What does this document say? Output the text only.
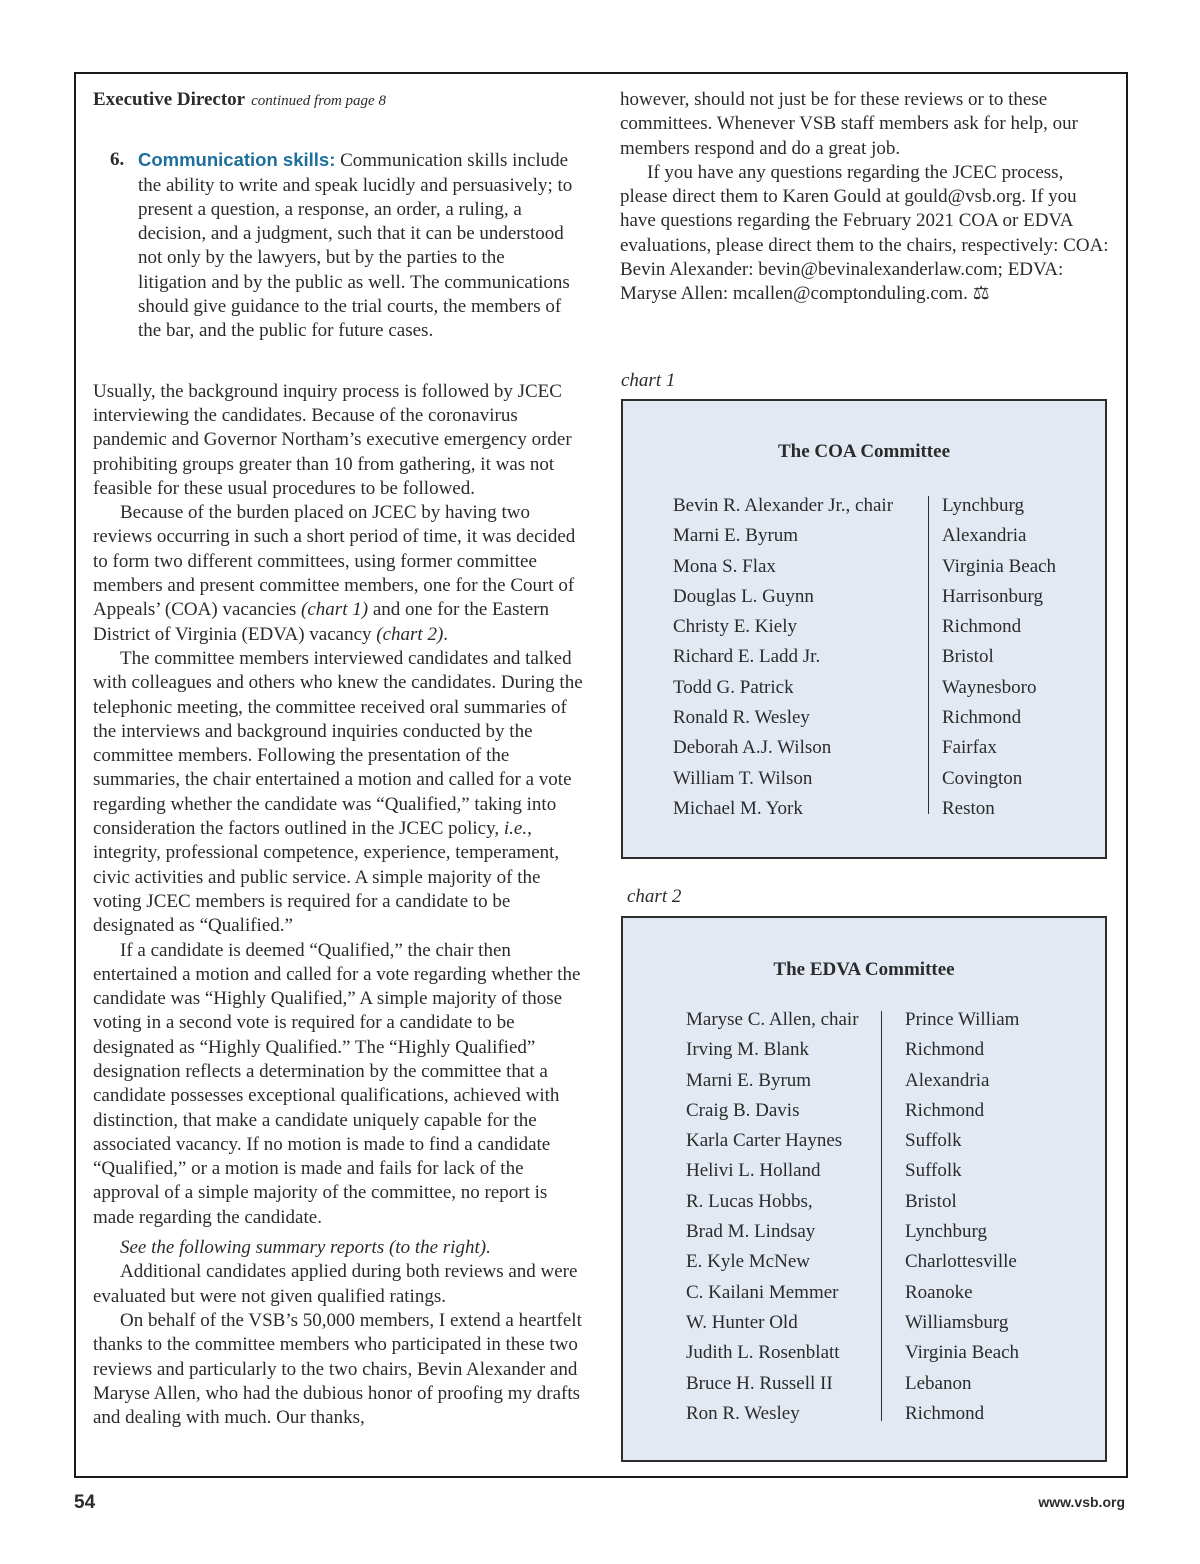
Executive Director continued from page 8
6. Communication skills: Communication skills include the ability to write and speak lucidly and persuasively; to present a question, a response, an order, a ruling, a decision, and a judgment, such that it can be understood not only by the lawyers, but by the parties to the litigation and by the public as well. The communications should give guidance to the trial courts, the members of the bar, and the public for future cases.

Usually, the background inquiry process is followed by JCEC interviewing the candidates. Because of the coronavirus pandemic and Governor Northam’s executive emergency order prohibiting groups greater than 10 from gathering, it was not feasible for these usual procedures to be followed.

Because of the burden placed on JCEC by having two reviews occurring in such a short period of time, it was decided to form two different committees, using former committee members and present committee members, one for the Court of Appeals’ (COA) vacancies (chart 1) and one for the Eastern District of Virginia (EDVA) vacancy (chart 2).

The committee members interviewed candidates and talked with colleagues and others who knew the candidates. During the telephonic meeting, the committee received oral summaries of the interviews and background inquiries conducted by the committee members. Following the presentation of the summaries, the chair entertained a motion and called for a vote regarding whether the candidate was “Qualified,” taking into consideration the factors outlined in the JCEC policy, i.e., integrity, professional competence, experience, temperament, civic activities and public service. A simple majority of the voting JCEC members is required for a candidate to be designated as “Qualified.”

If a candidate is deemed “Qualified,” the chair then entertained a motion and called for a vote regarding whether the candidate was “Highly Qualified,” A simple majority of those voting in a second vote is required for a candidate to be designated as “Highly Qualified.” The “Highly Qualified” designation reflects a determination by the committee that a candidate possesses exceptional qualifications, achieved with distinction, that make a candidate uniquely capable for the associated vacancy. If no motion is made to find a candidate “Qualified,” or a motion is made and fails for lack of the approval of a simple majority of the committee, no report is made regarding the candidate.

See the following summary reports (to the right).

Additional candidates applied during both reviews and were evaluated but were not given qualified ratings.

On behalf of the VSB’s 50,000 members, I extend a heartfelt thanks to the committee members who participated in these two reviews and particularly to the two chairs, Bevin Alexander and Maryse Allen, who had the dubious honor of proofing my drafts and dealing with much. Our thanks,

however, should not just be for these reviews or to these committees. Whenever VSB staff members ask for help, our members respond and do a great job.

If you have any questions regarding the JCEC process, please direct them to Karen Gould at gould@vsb.org. If you have questions regarding the February 2021 COA or EDVA evaluations, please direct them to the chairs, respectively: COA: Bevin Alexander: bevin@bevinalexanderlaw.com; EDVA: Maryse Allen: mcallen@comptonduling.com. ⚖

chart 1
The COA Committee
Bevin R. Alexander Jr., chair
Marni E. Byrum
Mona S. Flax
Douglas L. Guynn
Christy E. Kiely
Richard E. Ladd Jr.
Todd G. Patrick
Ronald R. Wesley
Deborah A.J. Wilson
William T. Wilson
Michael M. York
Lynchburg
Alexandria
Virginia Beach
Harrisonburg
Richmond
Bristol
Waynesboro
Richmond
Fairfax
Covington
Reston
chart 2
The EDVA Committee
Maryse C. Allen, chair
Irving M. Blank
Marni E. Byrum
Craig B. Davis
Karla Carter Haynes
Helivi L. Holland
R. Lucas Hobbs,
Brad M. Lindsay
E. Kyle McNew
C. Kailani Memmer
W. Hunter Old
Judith L. Rosenblatt
Bruce H. Russell II
Ron R. Wesley
Prince William
Richmond
Alexandria
Richmond
Suffolk
Suffolk
Bristol
Lynchburg
Charlottesville
Roanoke
Williamsburg
Virginia Beach
Lebanon
Richmond
54	www.vsb.org
